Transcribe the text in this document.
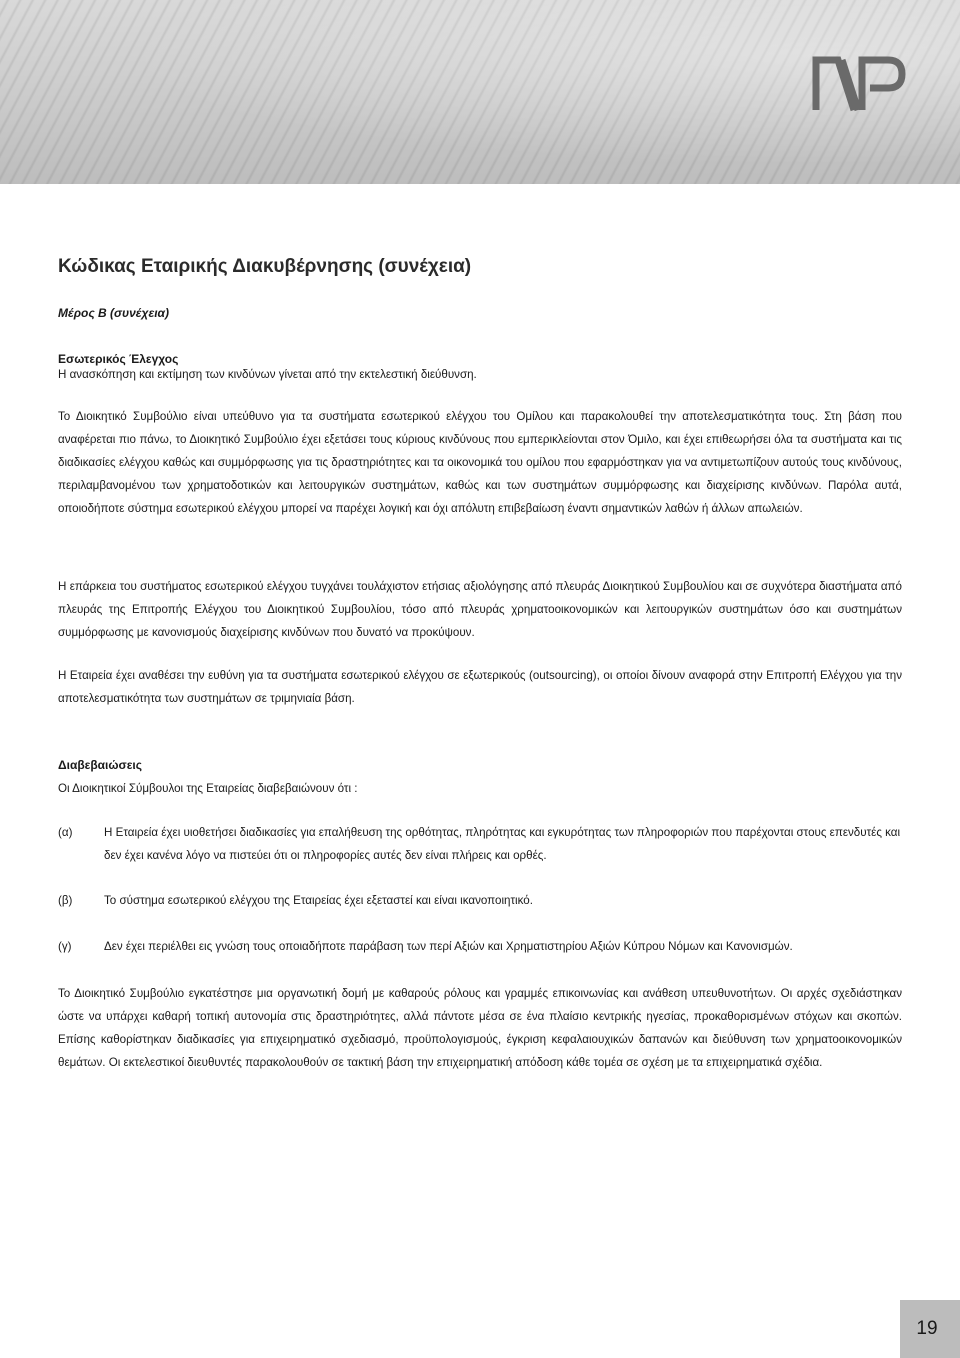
Κώδικας Εταιρικής Διακυβέρνησης (συνέχεια)

Μέρος Β (συνέχεια)

Εσωτερικός Έλεγχος

Η ανασκόπηση και εκτίμηση των κινδύνων γίνεται από την εκτελεστική διεύθυνση.

Το Διοικητικό Συμβούλιο είναι υπεύθυνο για τα συστήματα εσωτερικού ελέγχου του Ομίλου και παρακολουθεί την αποτελεσματικότητα τους. Στη βάση που αναφέρεται πιο πάνω, το Διοικητικό Συμβούλιο έχει εξετάσει τους κύριους κινδύνους που εμπερικλείονται στον Όμιλο, και έχει επιθεωρήσει όλα τα συστήματα και τις διαδικασίες ελέγχου καθώς και συμμόρφωσης για τις δραστηριότητες και τα οικονομικά του ομίλου που εφαρμόστηκαν για να αντιμετωπίζουν αυτούς τους κινδύνους, περιλαμβανομένου των χρηματοδοτικών και λειτουργικών συστημάτων, καθώς και των συστημάτων συμμόρφωσης και διαχείρισης κινδύνων. Παρόλα αυτά, οποιοδήποτε σύστημα εσωτερικού ελέγχου μπορεί να παρέχει λογική και όχι απόλυτη επιβεβαίωση έναντι σημαντικών λαθών ή άλλων απωλειών.

Η επάρκεια του συστήματος εσωτερικού ελέγχου τυγχάνει τουλάχιστον ετήσιας αξιολόγησης από πλευράς Διοικητικού Συμβουλίου και σε συχνότερα διαστήματα από πλευράς της Επιτροπής Ελέγχου του Διοικητικού Συμβουλίου, τόσο από πλευράς χρηματοοικονομικών και λειτουργικών συστημάτων όσο και συστημάτων συμμόρφωσης με κανονισμούς διαχείρισης κινδύνων που δυνατό να προκύψουν.

Η Εταιρεία έχει αναθέσει την ευθύνη για τα συστήματα εσωτερικού ελέγχου σε εξωτερικούς (outsourcing), οι οποίοι δίνουν αναφορά στην Επιτροπή Ελέγχου για την αποτελεσματικότητα των συστημάτων σε τριμηνιαία βάση.

Διαβεβαιώσεις

Οι Διοικητικοί Σύμβουλοι της Εταιρείας διαβεβαιώνουν ότι :

(α)	Η Εταιρεία έχει υιοθετήσει διαδικασίες για επαλήθευση της ορθότητας, πληρότητας και εγκυρότητας των πληροφοριών που παρέχονται στους επενδυτές και δεν έχει κανένα λόγο να πιστεύει ότι οι πληροφορίες αυτές δεν είναι πλήρεις και ορθές.

(β)	Το σύστημα εσωτερικού ελέγχου της Εταιρείας έχει εξεταστεί και είναι ικανοποιητικό.

(γ)	Δεν έχει περιέλθει εις γνώση τους οποιαδήποτε παράβαση των περί Αξιών και Χρηματιστηρίου Αξιών Κύπρου Νόμων και Κανονισμών.

Το Διοικητικό Συμβούλιο εγκατέστησε μια οργανωτική δομή με καθαρούς ρόλους και γραμμές επικοινωνίας και ανάθεση υπευθυνοτήτων. Οι αρχές σχεδιάστηκαν ώστε να υπάρχει καθαρή τοπική αυτονομία στις δραστηριότητες, αλλά πάντοτε μέσα σε ένα πλαίσιο κεντρικής ηγεσίας, προκαθορισμένων στόχων και σκοπών. Επίσης καθορίστηκαν διαδικασίες για επιχειρηματικό σχεδιασμό, προϋπολογισμούς, έγκριση κεφαλαιουχικών δαπανών και διεύθυνση των χρηματοοικονομικών θεμάτων. Οι εκτελεστικοί διευθυντές παρακολουθούν σε τακτική βάση την επιχειρηματική απόδοση κάθε τομέα σε σχέση με τα επιχειρηματικά σχέδια.

19
